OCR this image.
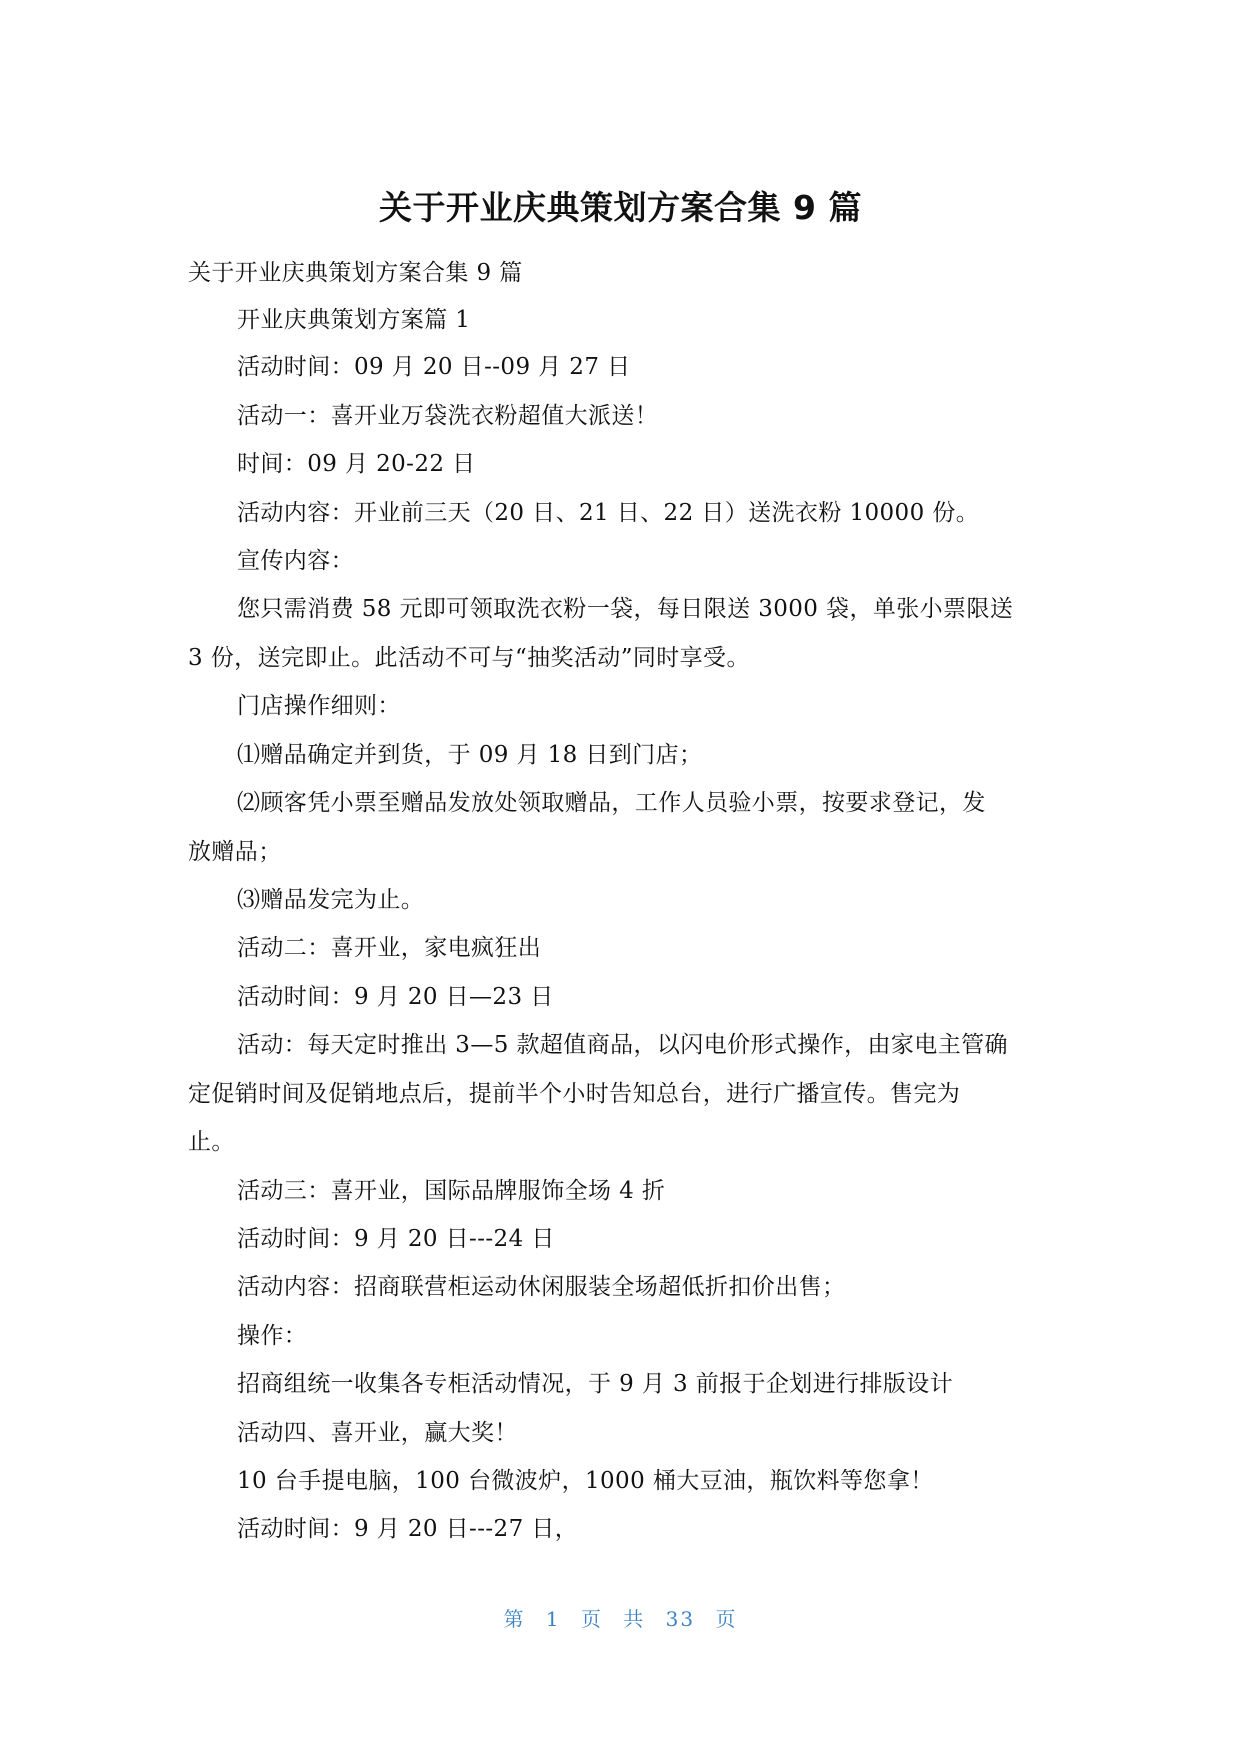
关于开业庆典策划方案合集 9 篇
关于开业庆典策划方案合集 9 篇
开业庆典策划方案篇 1
活动时间：09 月 20 日--09 月 27 日
活动一：喜开业万袋洗衣粉超值大派送！
时间：09 月 20-22 日
活动内容：开业前三天（20 日、21 日、22 日）送洗衣粉 10000 份。
宣传内容：
您只需消费 58 元即可领取洗衣粉一袋，每日限送 3000 袋，单张小票限送
3 份，送完即止。此活动不可与“抽奖活动”同时享受。
门店操作细则：
⑴赠品确定并到货，于 09 月 18 日到门店；
⑵顾客凭小票至赠品发放处领取赠品，工作人员验小票，按要求登记，发
放赠品；
⑶赠品发完为止。
活动二：喜开业，家电疯狂出
活动时间：9 月 20 日—23 日
活动：每天定时推出 3—5 款超值商品，以闪电价形式操作，由家电主管确
定促销时间及促销地点后，提前半个小时告知总台，进行广播宣传。售完为
止。
活动三：喜开业，国际品牌服饰全场 4 折
活动时间：9 月 20 日---24 日
活动内容：招商联营柜运动休闲服装全场超低折扣价出售；
操作：
招商组统一收集各专柜活动情况，于 9 月 3 前报于企划进行排版设计
活动四、喜开业，赢大奖！
10 台手提电脑，100 台微波炉，1000 桶大豆油，瓶饮料等您拿！
活动时间：9 月 20 日---27 日，
第 1 页 共 33 页
